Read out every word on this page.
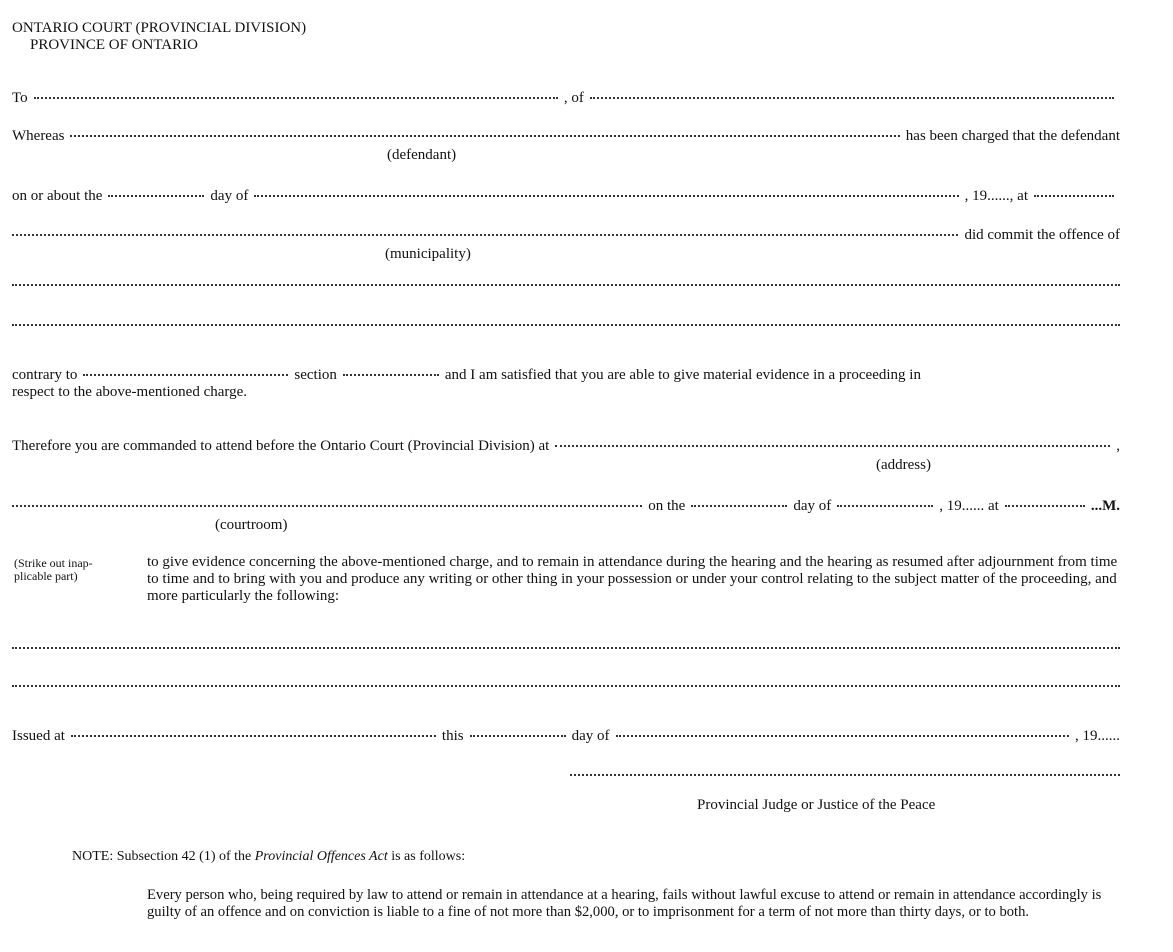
ONTARIO COURT (PROVINCIAL DIVISION)
PROVINCE OF ONTARIO
To	, of
Whereas	has been charged that the defendant
(defendant)
on or about the	day of	, 19 ......, at
did commit the offence of
(municipality)
contrary to	section	and I am satisfied that you are able to give material evidence in a proceeding in
respect to the above-mentioned charge.
Therefore you are commanded to attend before the Ontario Court (Provincial Division) at	,
(address)
on the	day of	, 19 ...... at	...M.
(courtroom)
(Strike out inap-
plicable part)
to give evidence concerning the above-mentioned charge, and to remain in attendance during the hearing and the hearing as resumed after adjournment from time to time and to bring with you and produce any writing or other thing in your possession or under your control relating to the subject matter of the proceeding, and more particularly the following:
Issued at	this	day of	, 19......
Provincial Judge or Justice of the Peace
NOTE: Subsection 42 (1) of the Provincial Offences Act is as follows:
Every person who, being required by law to attend or remain in attendance at a hearing, fails without lawful excuse to attend or remain in attendance accordingly is guilty of an offence and on conviction is liable to a fine of not more than $2,000, or to imprisonment for a term of not more than thirty days, or to both.
